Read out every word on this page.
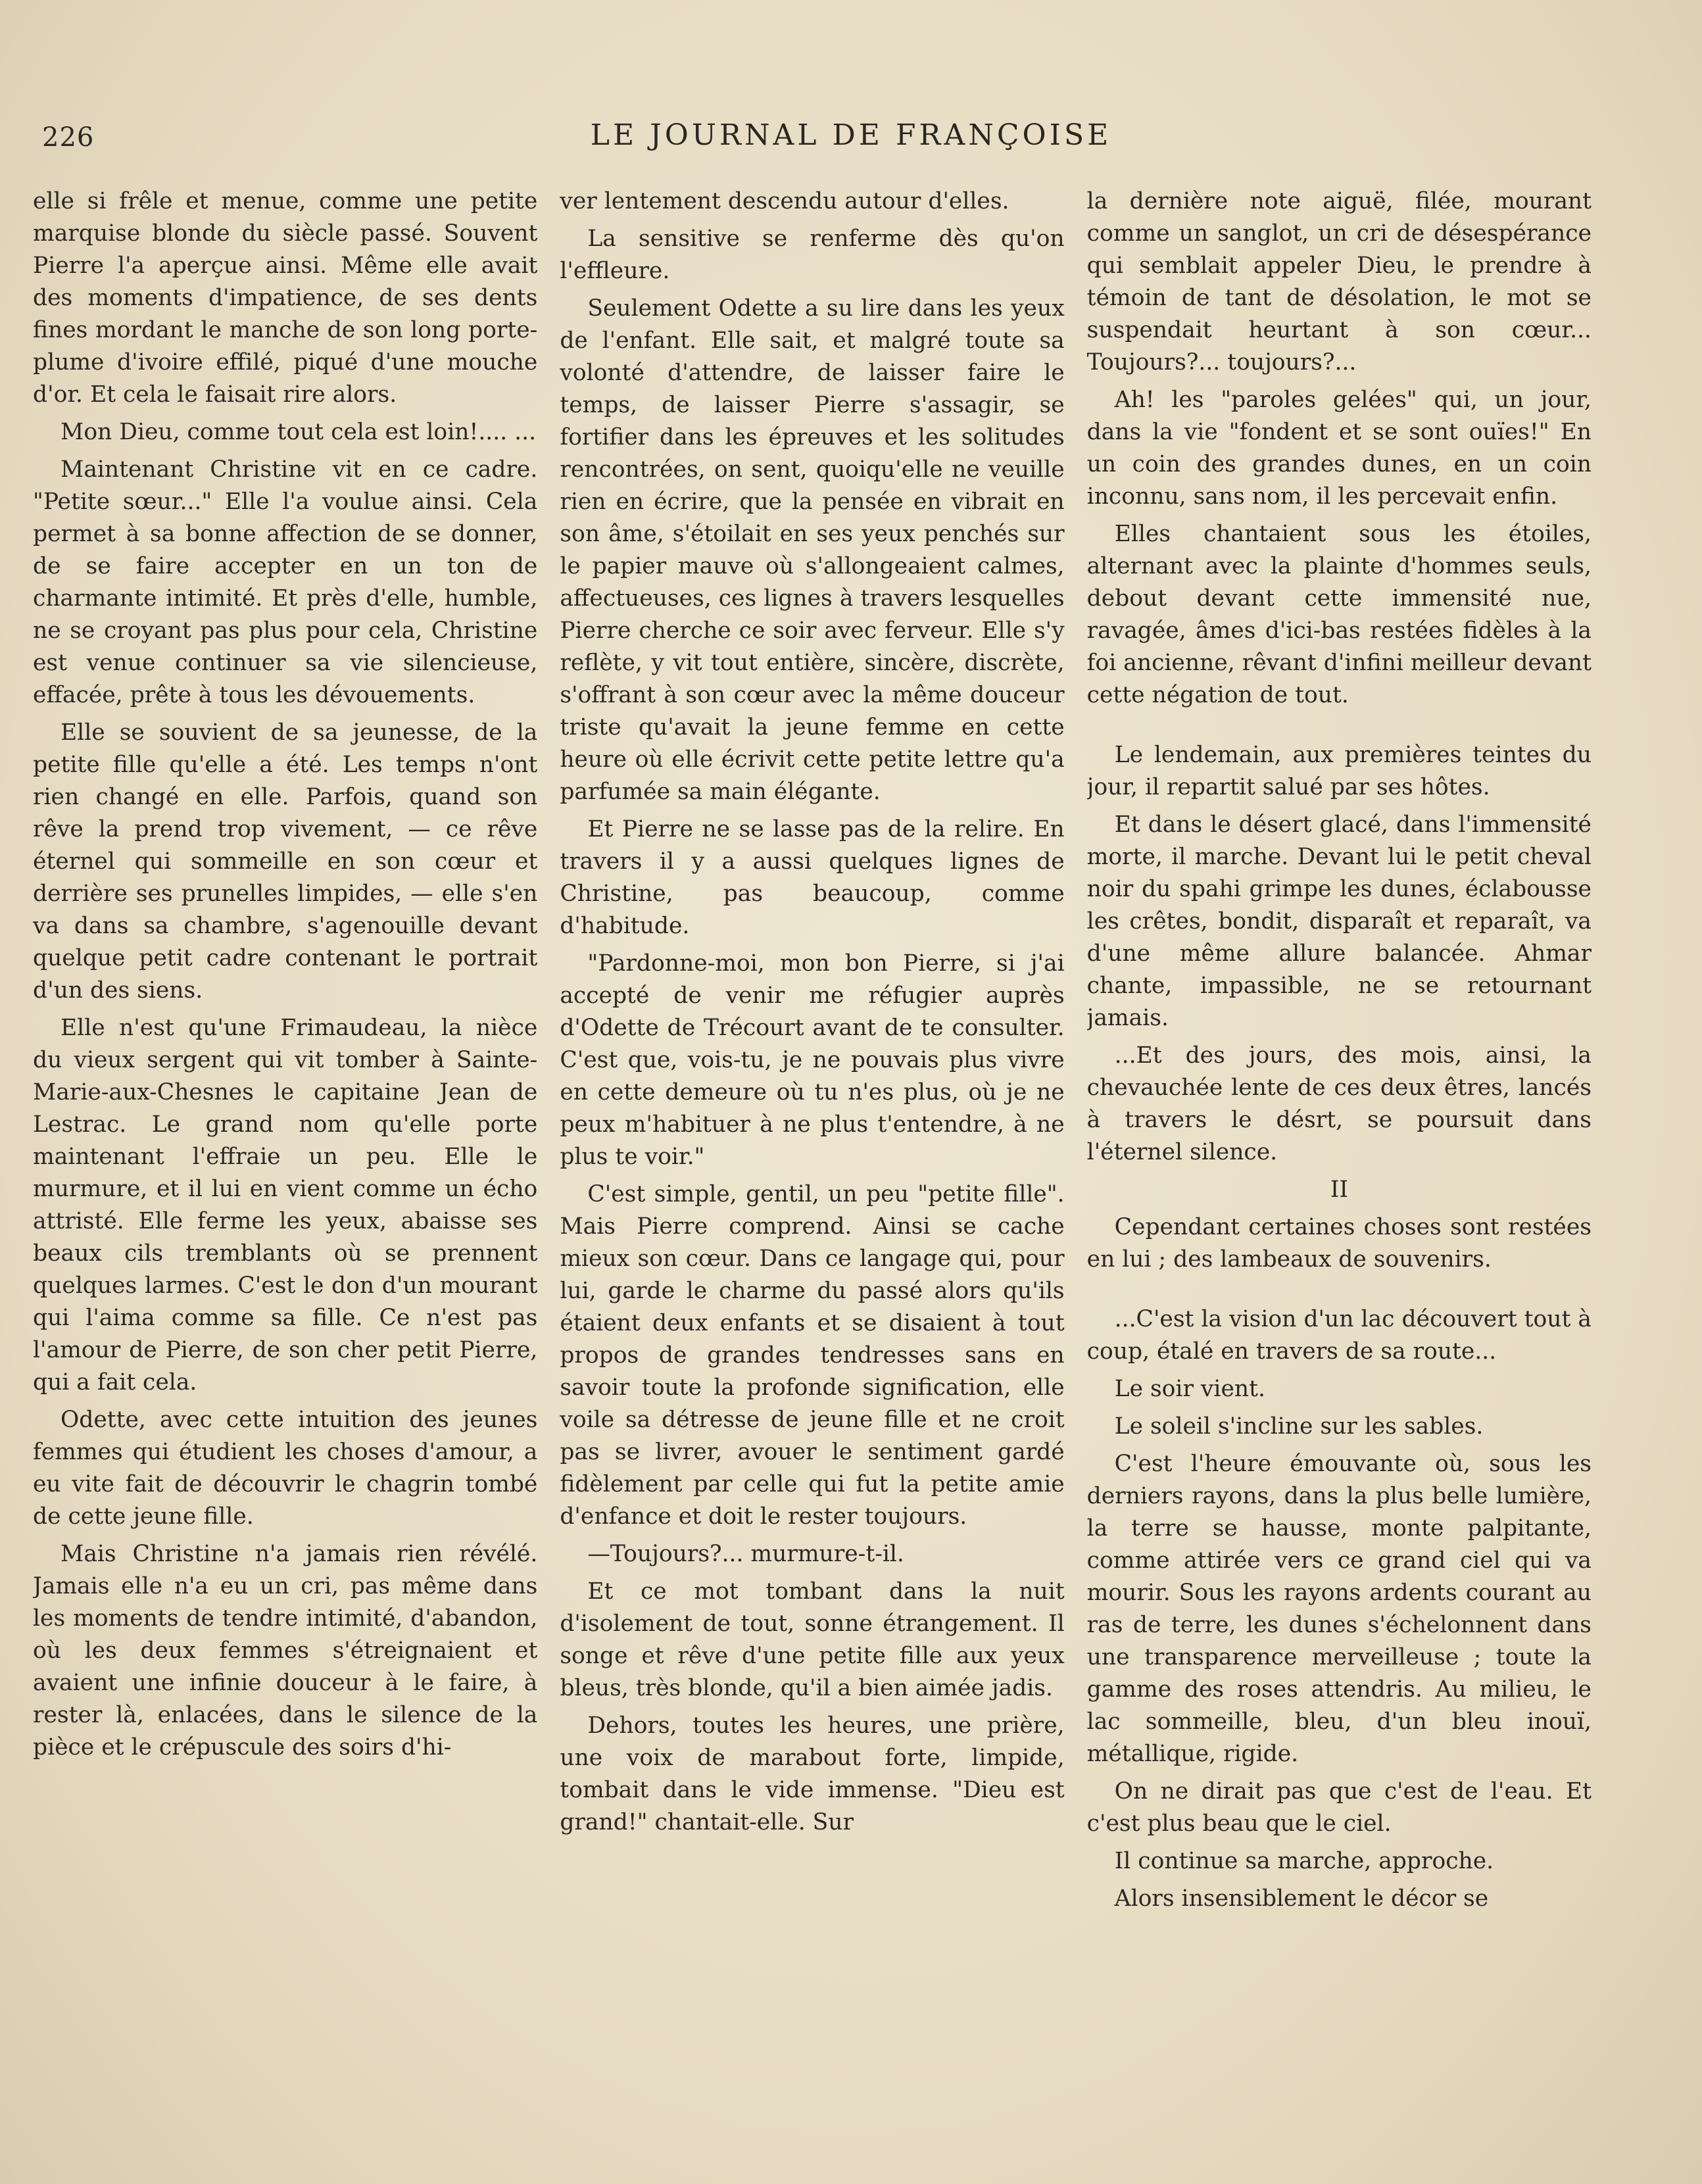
226	LE JOURNAL DE FRANÇOISE

elle si frêle et menue, comme une petite marquise blonde du siècle passé. Souvent Pierre l'a aperçue ainsi. Même elle avait des moments d'impatience, de ses dents fines mordant le manche de son long porte-plume d'ivoire effilé, piqué d'une mouche d'or. Et cela le faisait rire alors.

Mon Dieu, comme tout cela est loin!.... ...

Maintenant Christine vit en ce cadre. "Petite sœur..." Elle l'a voulue ainsi. Cela permet à sa bonne affection de se donner, de se faire accepter en un ton de charmante intimité. Et près d'elle, humble, ne se croyant pas plus pour cela, Christine est venue continuer sa vie silencieuse, effacée, prête à tous les dévouements.

Elle se souvient de sa jeunesse, de la petite fille qu'elle a été. Les temps n'ont rien changé en elle. Parfois, quand son rêve la prend trop vivement, — ce rêve éternel qui sommeille en son cœur et derrière ses prunelles limpides, — elle s'en va dans sa chambre, s'agenouille devant quelque petit cadre contenant le portrait d'un des siens.

Elle n'est qu'une Frimaudeau, la nièce du vieux sergent qui vit tomber à Sainte-Marie-aux-Chesnes le capitaine Jean de Lestrac. Le grand nom qu'elle porte maintenant l'effraie un peu. Elle le murmure, et il lui en vient comme un écho attristé. Elle ferme les yeux, abaisse ses beaux cils tremblants où se prennent quelques larmes. C'est le don d'un mourant qui l'aima comme sa fille. Ce n'est pas l'amour de Pierre, de son cher petit Pierre, qui a fait cela.

Odette, avec cette intuition des jeunes femmes qui étudient les choses d'amour, a eu vite fait de découvrir le chagrin tombé de cette jeune fille.

Mais Christine n'a jamais rien révélé. Jamais elle n'a eu un cri, pas même dans les moments de tendre intimité, d'abandon, où les deux femmes s'étreignaient et avaient une infinie douceur à le faire, à rester là, enlacées, dans le silence de la pièce et le crépuscule des soirs d'hi-

ver lentement descendu autour d'elles.

La sensitive se renferme dès qu'on l'effleure.

Seulement Odette a su lire dans les yeux de l'enfant. Elle sait, et malgré toute sa volonté d'attendre, de laisser faire le temps, de laisser Pierre s'assagir, se fortifier dans les épreuves et les solitudes rencontrées, on sent, quoiqu'elle ne veuille rien en écrire, que la pensée en vibrait en son âme, s'étoilait en ses yeux penchés sur le papier mauve où s'allongeaient calmes, affectueuses, ces lignes à travers lesquelles Pierre cherche ce soir avec ferveur. Elle s'y reflète, y vit tout entière, sincère, discrète, s'offrant à son cœur avec la même douceur triste qu'avait la jeune femme en cette heure où elle écrivit cette petite lettre qu'a parfumée sa main élégante.

Et Pierre ne se lasse pas de la relire. En travers il y a aussi quelques lignes de Christine, pas beaucoup, comme d'habitude.

"Pardonne-moi, mon bon Pierre, si j'ai accepté de venir me réfugier auprès d'Odette de Trécourt avant de te consulter. C'est que, vois-tu, je ne pouvais plus vivre en cette demeure où tu n'es plus, où je ne peux m'habituer à ne plus t'entendre, à ne plus te voir."

C'est simple, gentil, un peu "petite fille". Mais Pierre comprend. Ainsi se cache mieux son cœur. Dans ce langage qui, pour lui, garde le charme du passé alors qu'ils étaient deux enfants et se disaient à tout propos de grandes tendresses sans en savoir toute la profonde signification, elle voile sa détresse de jeune fille et ne croit pas se livrer, avouer le sentiment gardé fidèlement par celle qui fut la petite amie d'enfance et doit le rester toujours.

—Toujours?... murmure-t-il.

Et ce mot tombant dans la nuit d'isolement de tout, sonne étrangement. Il songe et rêve d'une petite fille aux yeux bleus, très blonde, qu'il a bien aimée jadis.

Dehors, toutes les heures, une prière, une voix de marabout forte, limpide, tombait dans le vide immense. "Dieu est grand!" chantait-elle. Sur

la dernière note aiguë, filée, mourant comme un sanglot, un cri de désespérance qui semblait appeler Dieu, le prendre à témoin de tant de désolation, le mot se suspendait heurtant à son cœur... Toujours?... toujours?...

Ah! les "paroles gelées" qui, un jour, dans la vie "fondent et se sont ouïes!" En un coin des grandes dunes, en un coin inconnu, sans nom, il les percevait enfin.

Elles chantaient sous les étoiles, alternant avec la plainte d'hommes seuls, debout devant cette immensité nue, ravagée, âmes d'ici-bas restées fidèles à la foi ancienne, rêvant d'infini meilleur devant cette négation de tout.

Le lendemain, aux premières teintes du jour, il repartit salué par ses hôtes.

Et dans le désert glacé, dans l'immensité morte, il marche. Devant lui le petit cheval noir du spahi grimpe les dunes, éclabousse les crêtes, bondit, disparaît et reparaît, va d'une même allure balancée. Ahmar chante, impassible, ne se retournant jamais.

...Et des jours, des mois, ainsi, la chevauchée lente de ces deux êtres, lancés à travers le désrt, se poursuit dans l'éternel silence.

II

Cependant certaines choses sont restées en lui ; des lambeaux de souvenirs.

...C'est la vision d'un lac découvert tout à coup, étalé en travers de sa route...

Le soir vient.

Le soleil s'incline sur les sables.

C'est l'heure émouvante où, sous les derniers rayons, dans la plus belle lumière, la terre se hausse, monte palpitante, comme attirée vers ce grand ciel qui va mourir. Sous les rayons ardents courant au ras de terre, les dunes s'échelonnent dans une transparence merveilleuse ; toute la gamme des roses attendris. Au milieu, le lac sommeille, bleu, d'un bleu inouï, métallique, rigide.

On ne dirait pas que c'est de l'eau. Et c'est plus beau que le ciel.

Il continue sa marche, approche.

Alors insensiblement le décor se
